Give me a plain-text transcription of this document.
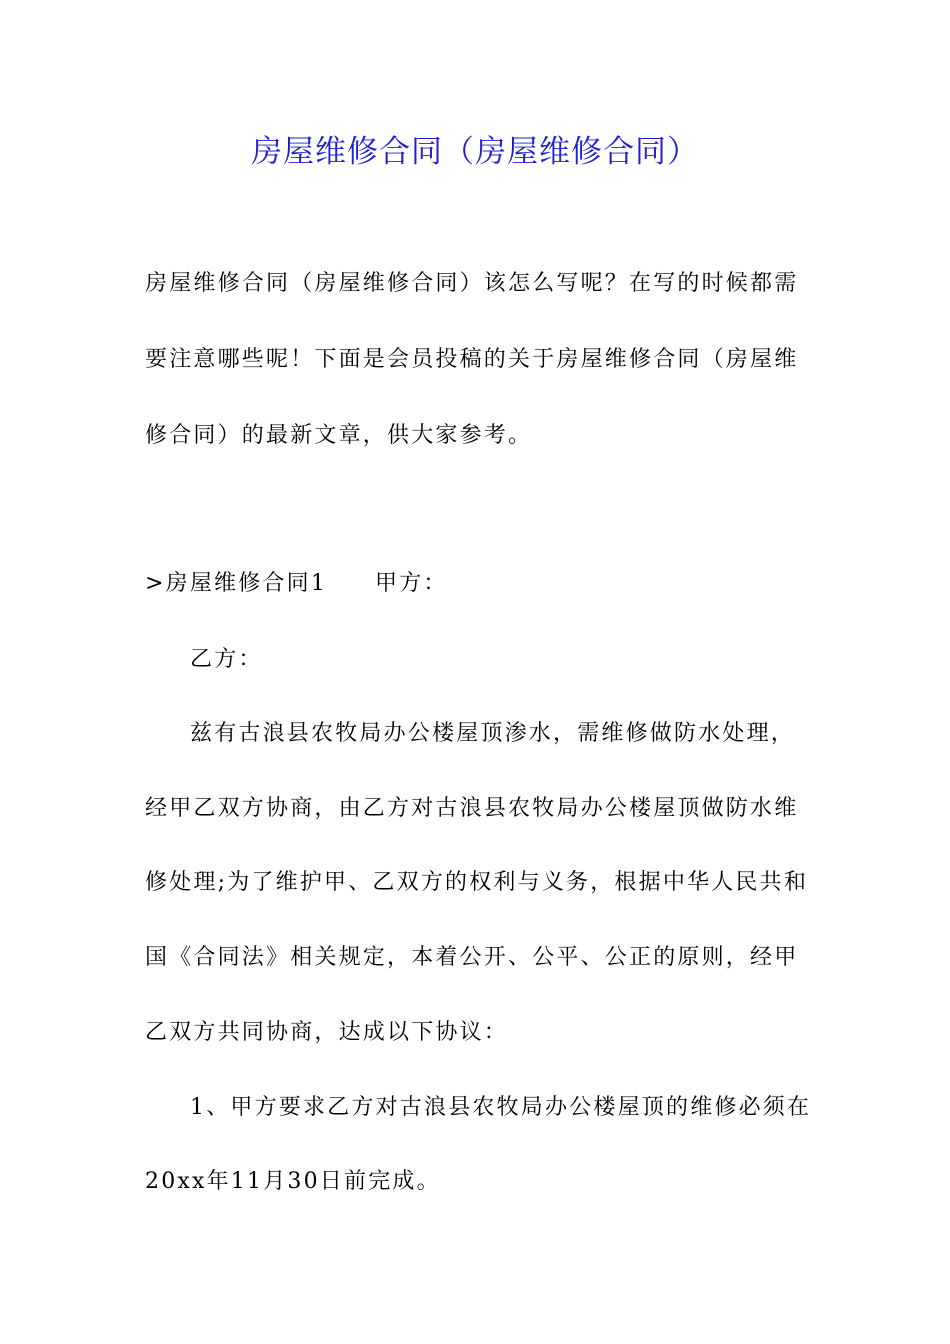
房屋维修合同（房屋维修合同）

房屋维修合同（房屋维修合同）该怎么写呢？在写的时候都需

要注意哪些呢！下面是会员投稿的关于房屋维修合同（房屋维

修合同）的最新文章，供大家参考。

>房屋维修合同1 甲方：

乙方：

兹有古浪县农牧局办公楼屋顶渗水，需维修做防水处理，

经甲乙双方协商，由乙方对古浪县农牧局办公楼屋顶做防水维

修处理;为了维护甲、乙双方的权利与义务，根据中华人民共和

国《合同法》相关规定，本着公开、公平、公正的原则，经甲

乙双方共同协商，达成以下协议：

1、甲方要求乙方对古浪县农牧局办公楼屋顶的维修必须在

20xx年11月30日前完成。
